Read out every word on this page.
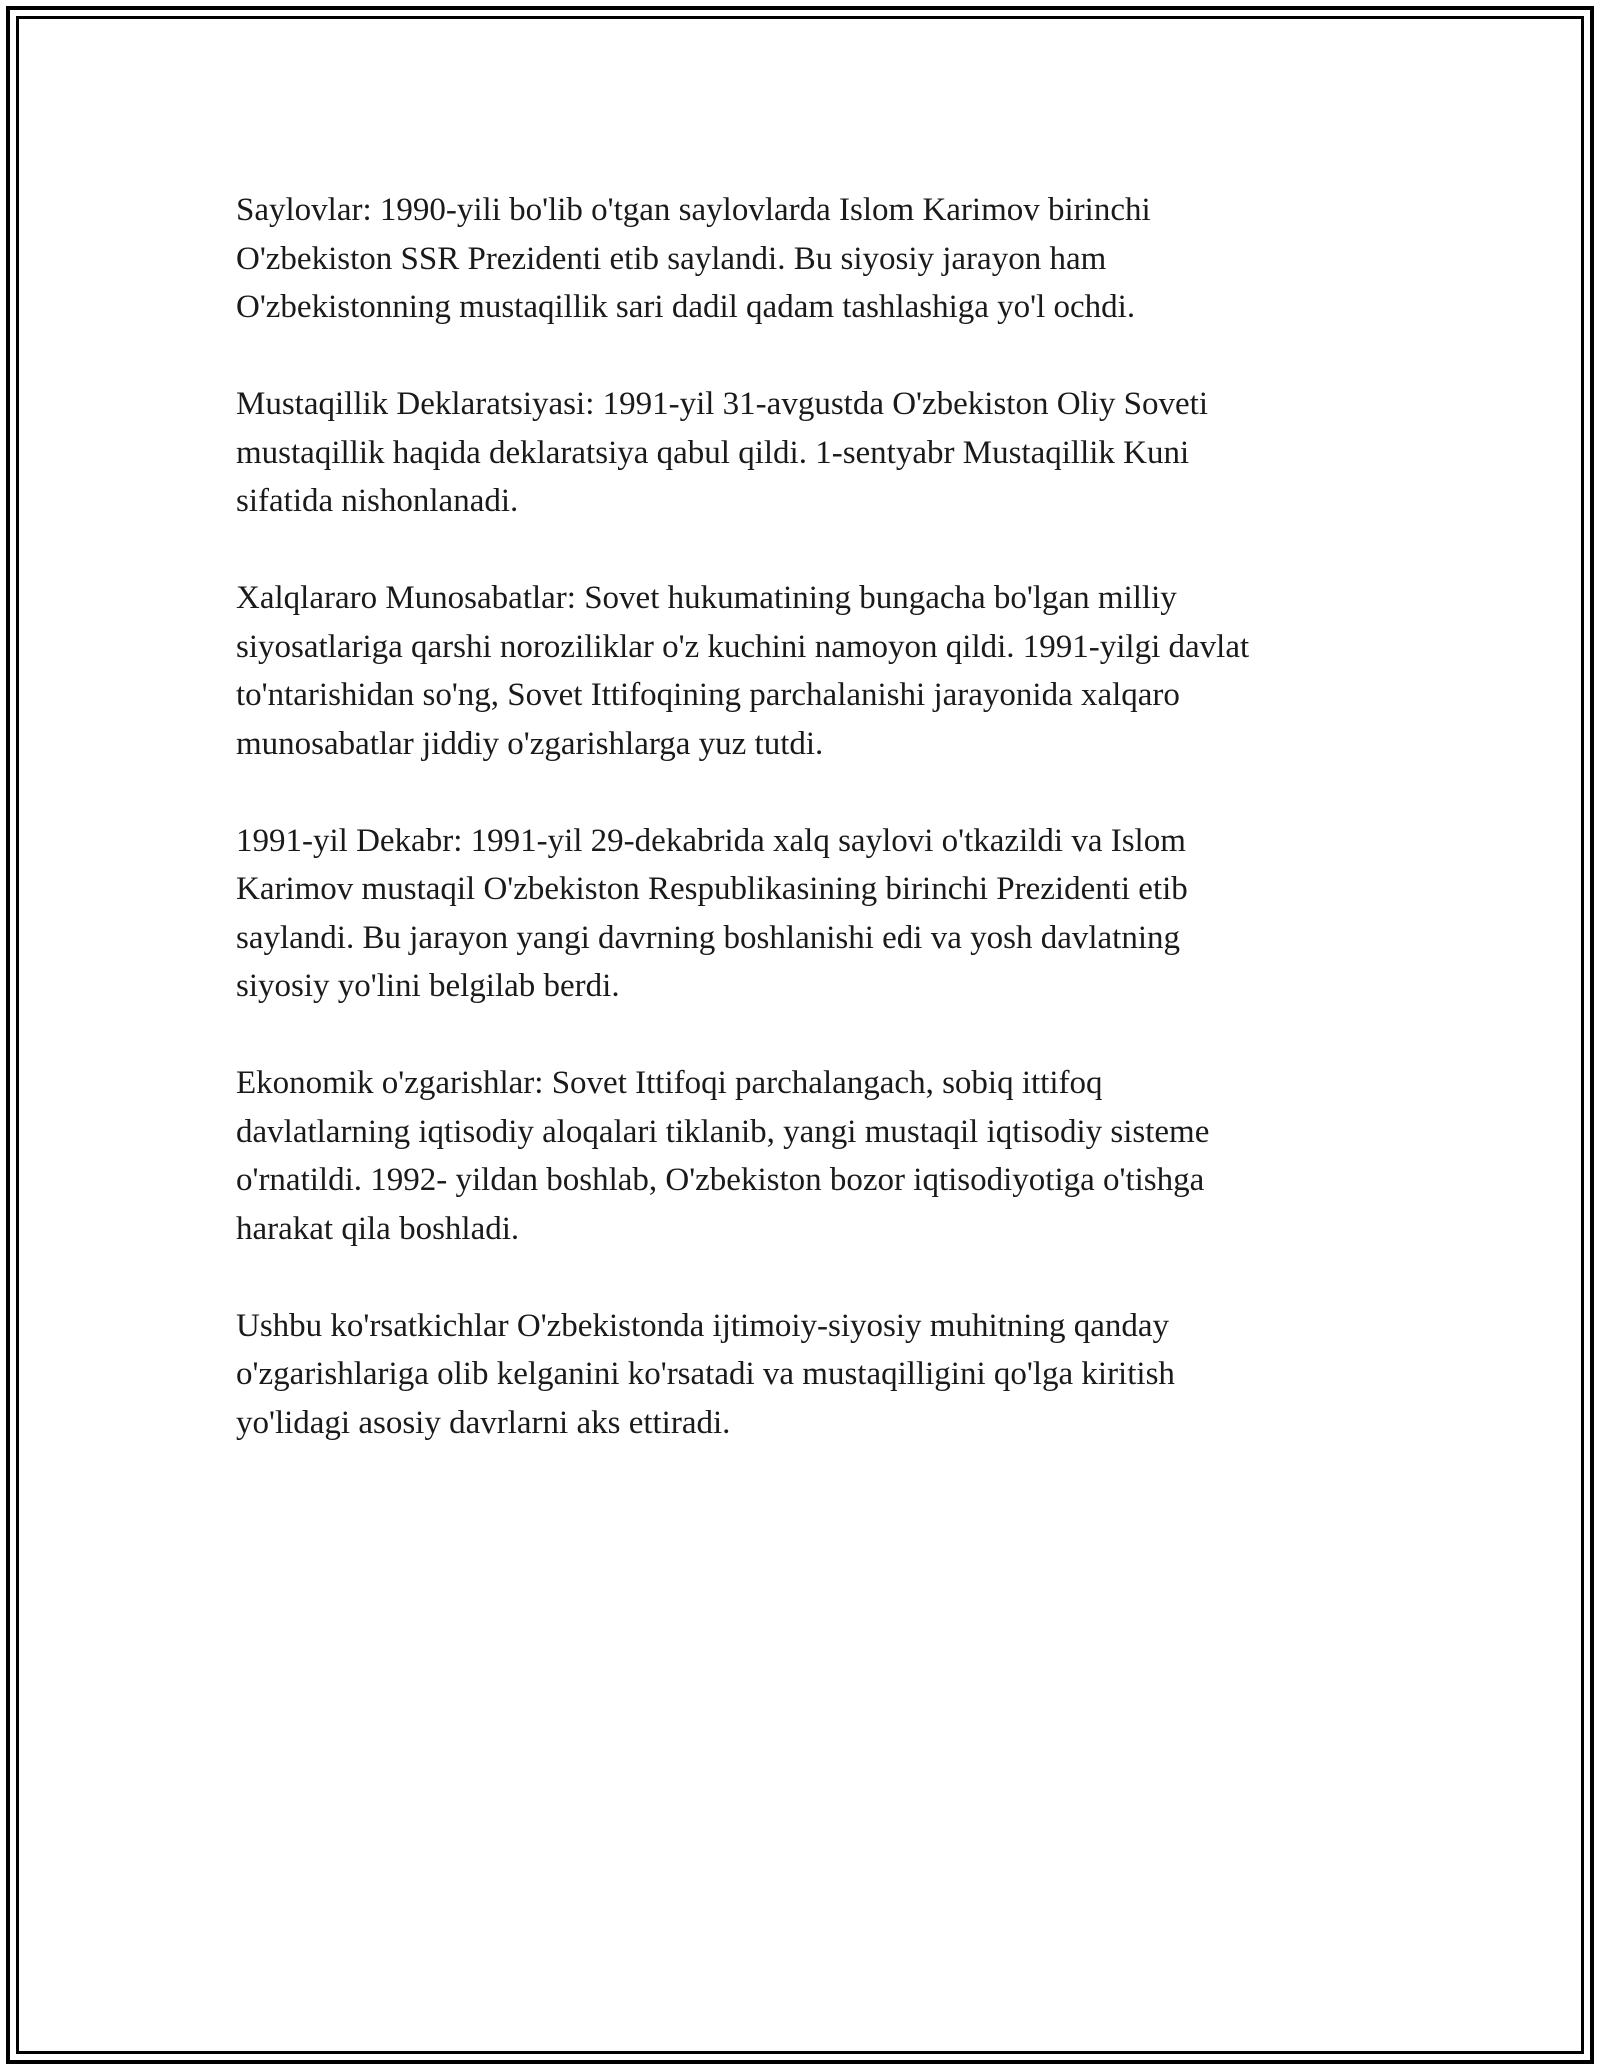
Saylovlar: 1990-yili bo'lib o'tgan saylovlarda Islom Karimov birinchi
O'zbekiston SSR Prezidenti etib saylandi. Bu siyosiy jarayon ham
O'zbekistonning mustaqillik sari dadil qadam tashlashiga yo'l ochdi.

Mustaqillik Deklaratsiyasi: 1991-yil 31-avgustda O'zbekiston Oliy Soveti
mustaqillik haqida deklaratsiya qabul qildi. 1-sentyabr Mustaqillik Kuni
sifatida nishonlanadi.

Xalqlararo Munosabatlar: Sovet hukumatining bungacha bo'lgan milliy
siyosatlariga qarshi noroziliklar o'z kuchini namoyon qildi. 1991-yilgi davlat
to'ntarishidan so'ng, Sovet Ittifoqining parchalanishi jarayonida xalqaro
munosabatlar jiddiy o'zgarishlarga yuz tutdi.

1991-yil Dekabr: 1991-yil 29-dekabrida xalq saylovi o'tkazildi va Islom
Karimov mustaqil O'zbekiston Respublikasining birinchi Prezidenti etib
saylandi. Bu jarayon yangi davrning boshlanishi edi va yosh davlatning
siyosiy yo'lini belgilab berdi.

Ekonomik o'zgarishlar: Sovet Ittifoqi parchalangach, sobiq ittifoq
davlatlarning iqtisodiy aloqalari tiklanib, yangi mustaqil iqtisodiy sisteme
o'rnatildi. 1992- yildan boshlab, O'zbekiston bozor iqtisodiyotiga o'tishga
harakat qila boshladi.

Ushbu ko'rsatkichlar O'zbekistonda ijtimoiy-siyosiy muhitning qanday
o'zgarishlariga olib kelganini ko'rsatadi va mustaqilligini qo'lga kiritish
yo'lidagi asosiy davrlarni aks ettiradi.
